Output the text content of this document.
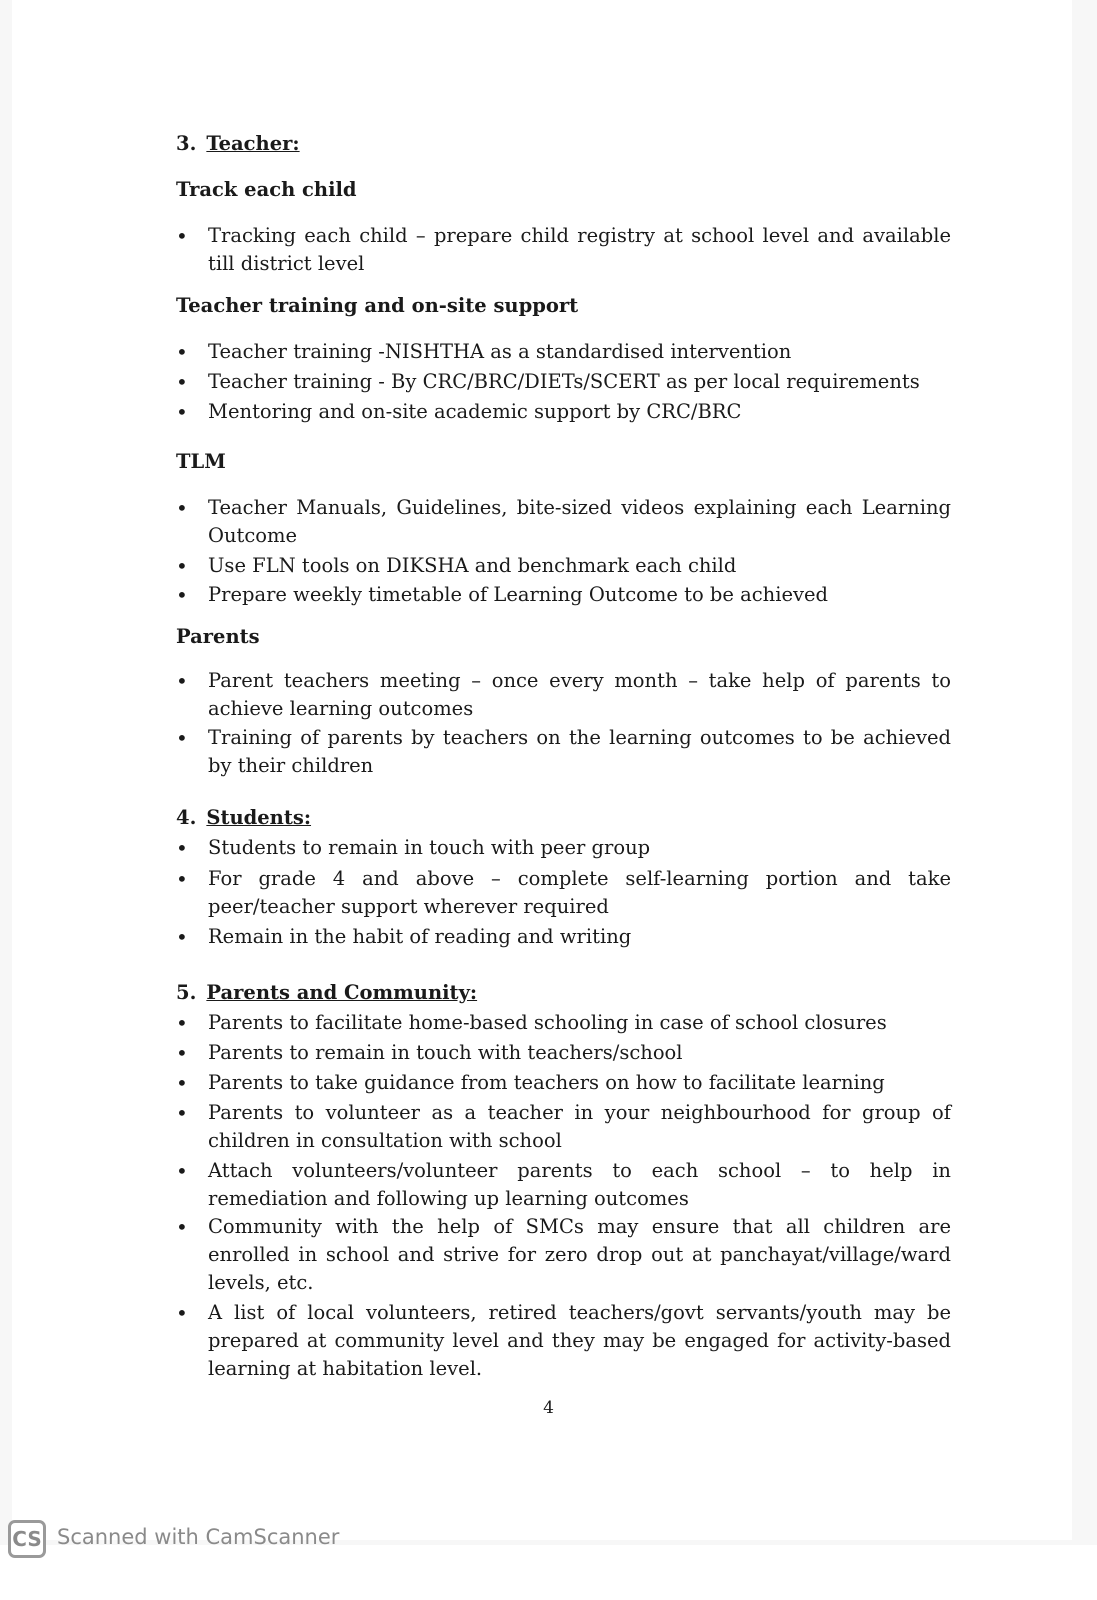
3. Teacher:

Track each child

• Tracking each child – prepare child registry at school level and available till district level

Teacher training and on-site support

• Teacher training -NISHTHA as a standardised intervention
• Teacher training - By CRC/BRC/DIETs/SCERT as per local requirements
• Mentoring and on-site academic support by CRC/BRC

TLM

• Teacher Manuals, Guidelines, bite-sized videos explaining each Learning Outcome
• Use FLN tools on DIKSHA and benchmark each child
• Prepare weekly timetable of Learning Outcome to be achieved

Parents

• Parent teachers meeting – once every month – take help of parents to achieve learning outcomes
• Training of parents by teachers on the learning outcomes to be achieved by their children

4. Students:

• Students to remain in touch with peer group
• For grade 4 and above – complete self-learning portion and take peer/teacher support wherever required
• Remain in the habit of reading and writing

5. Parents and Community:

• Parents to facilitate home-based schooling in case of school closures
• Parents to remain in touch with teachers/school
• Parents to take guidance from teachers on how to facilitate learning
• Parents to volunteer as a teacher in your neighbourhood for group of children in consultation with school
• Attach volunteers/volunteer parents to each school – to help in remediation and following up learning outcomes
• Community with the help of SMCs may ensure that all children are enrolled in school and strive for zero drop out at panchayat/village/ward levels, etc.
• A list of local volunteers, retired teachers/govt servants/youth may be prepared at community level and they may be engaged for activity-based learning at habitation level.
4
CS Scanned with CamScanner
